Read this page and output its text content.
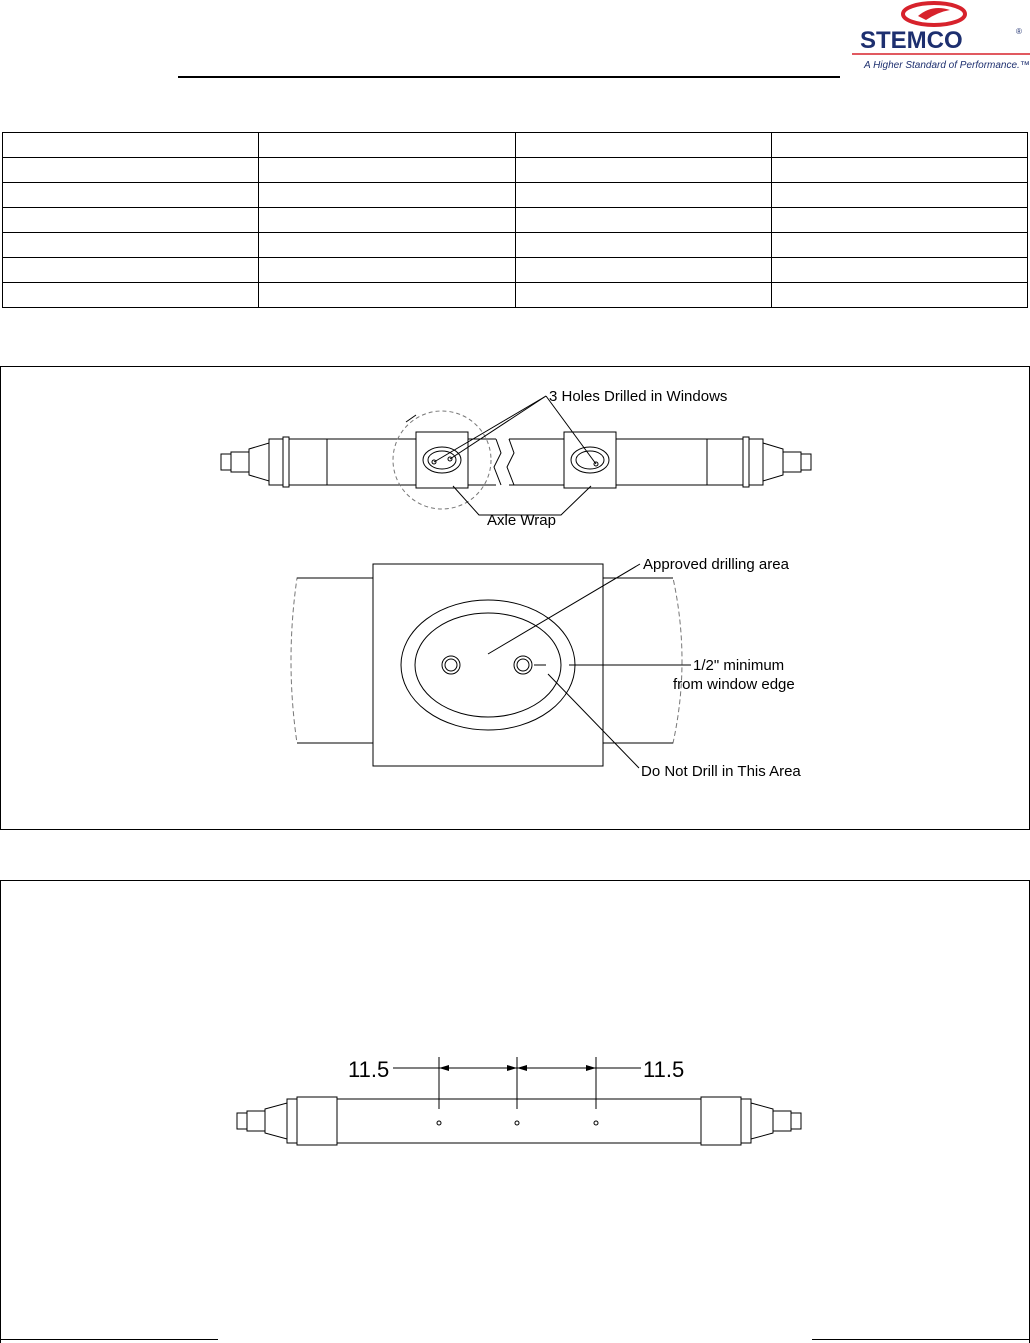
STEMCO	®
A Higher Standard of Performance.™

3 Holes Drilled in Windows
Axle Wrap
Approved drilling area
1/2" minimum
from window edge
Do Not Drill in This Area
11.5	11.5
